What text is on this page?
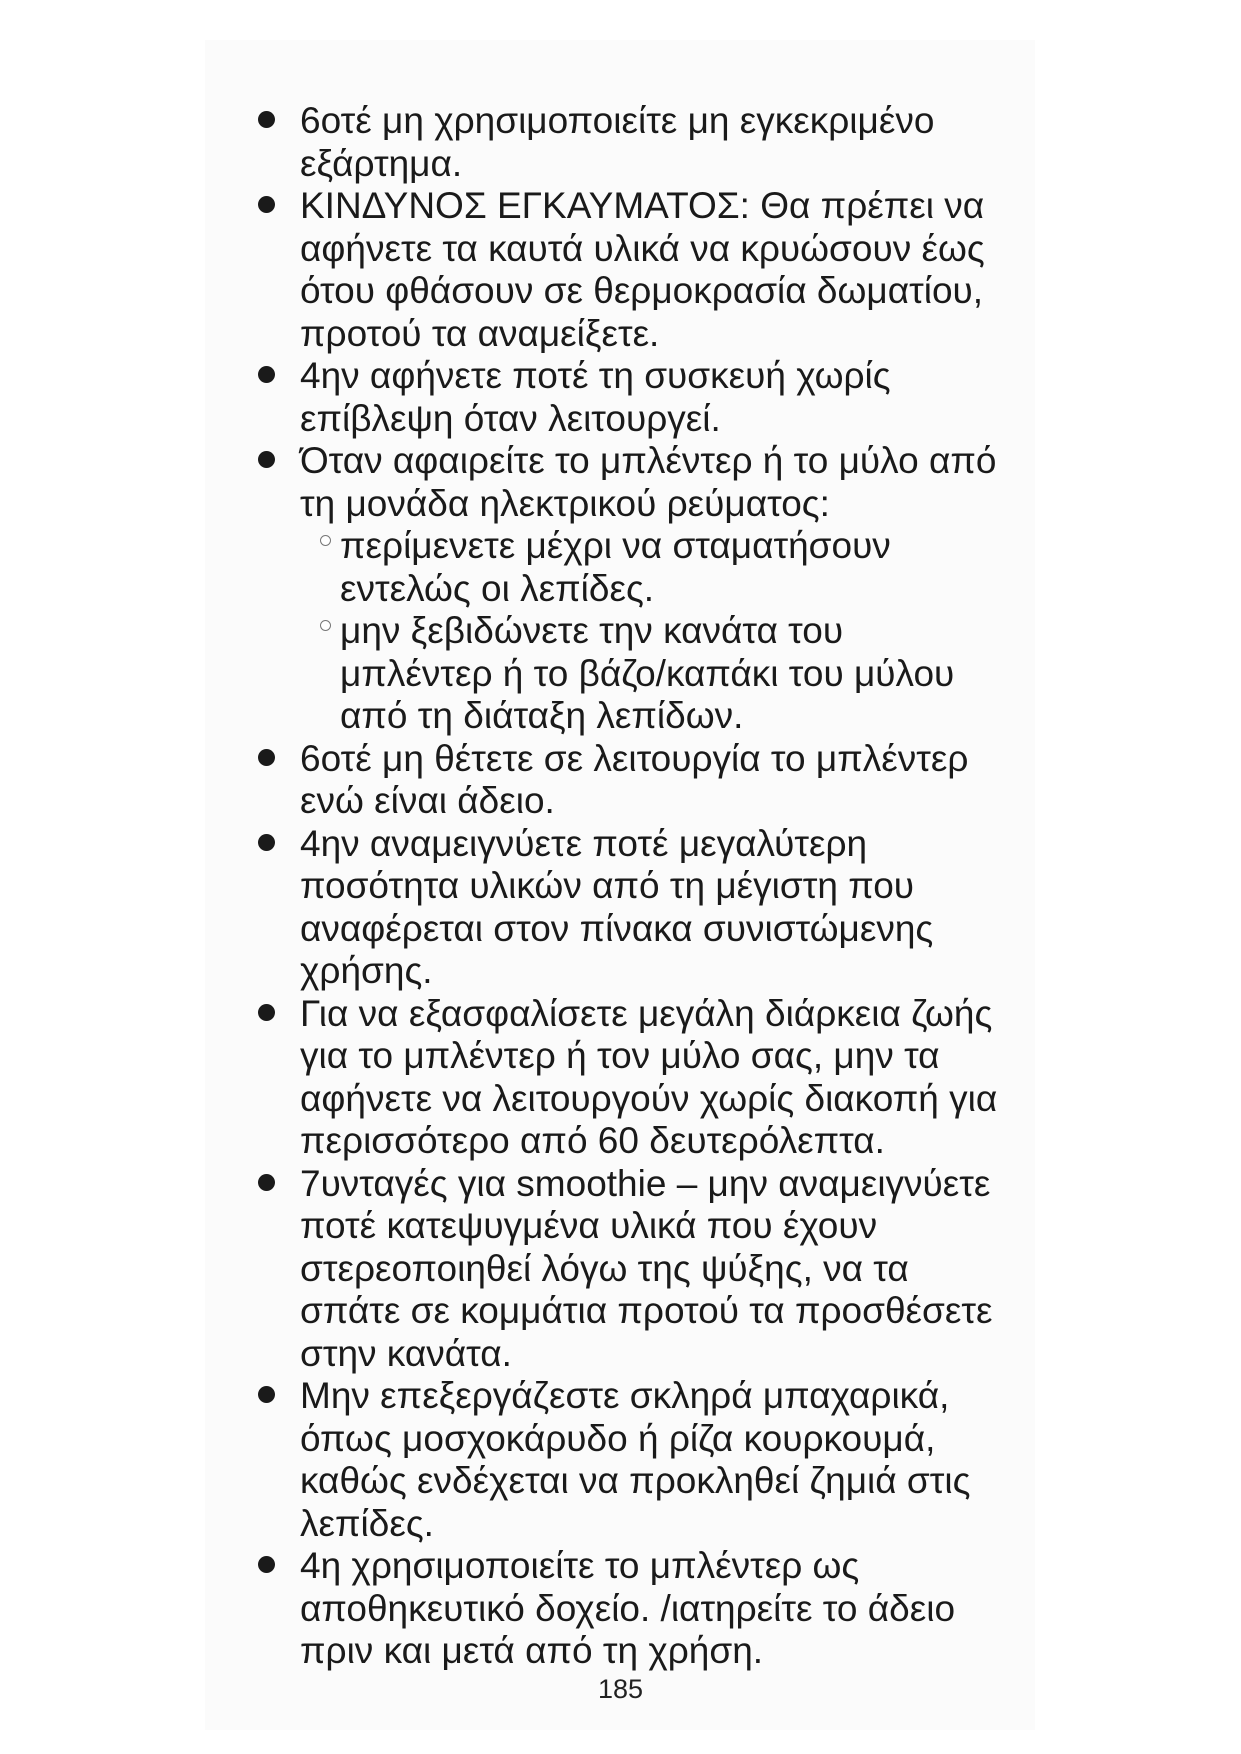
6οτέ μη χρησιμοποιείτε μη εγκεκριμένο εξάρτημα.
ΚΙΝΔΥΝΟΣ ΕΓΚΑΥΜΑΤΟΣ: Θα πρέπει να αφήνετε τα καυτά υλικά να κρυώσουν έως ότου φθάσουν σε θερμοκρασία δωματίου, προτού τα αναμείξετε.
4ην αφήνετε ποτέ τη συσκευή χωρίς επίβλεψη όταν λειτουργεί.
Όταν αφαιρείτε το μπλέντερ ή το μύλο από τη μονάδα ηλεκτρικού ρεύματος:
περίμενετε μέχρι να σταματήσουν εντελώς οι λεπίδες.
μην ξεβιδώνετε την κανάτα του μπλέντερ ή το βάζο/καπάκι του μύλου από τη διάταξη λεπίδων.
6οτέ μη θέτετε σε λειτουργία το μπλέντερ ενώ είναι άδειο.
4ην αναμειγνύετε ποτέ μεγαλύτερη ποσότητα υλικών από τη μέγιστη που αναφέρεται στον πίνακα συνιστώμενης χρήσης.
Για να εξασφαλίσετε μεγάλη διάρκεια ζωής για το μπλέντερ ή τον μύλο σας, μην τα αφήνετε να λειτουργούν χωρίς διακοπή για περισσότερο από 60 δευτερόλεπτα.
7υνταγές για smoothie – μην αναμειγνύετε ποτέ κατεψυγμένα υλικά που έχουν στερεοποιηθεί λόγω της ψύξης, να τα σπάτε σε κομμάτια προτού τα προσθέσετε στην κανάτα.
Μην επεξεργάζεστε σκληρά μπαχαρικά, όπως μοσχοκάρυδο ή ρίζα κουρκουμά, καθώς ενδέχεται να προκληθεί ζημιά στις λεπίδες.
4η χρησιμοποιείτε το μπλέντερ ως αποθηκευτικό δοχείο. /ιατηρείτε το άδειο πριν και μετά από τη χρήση.
185
